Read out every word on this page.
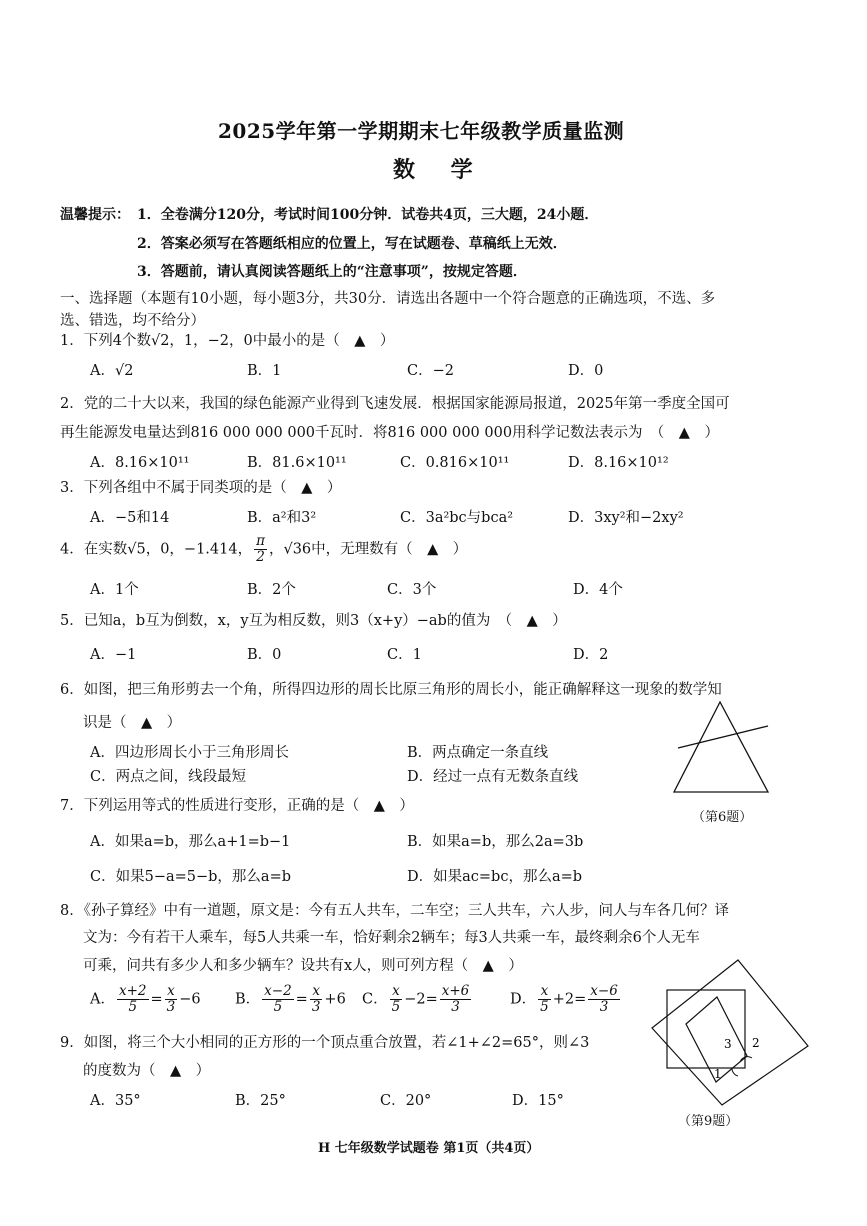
2025学年第一学期期末七年级教学质量监测
数 学
温馨提示： 1．全卷满分120分，考试时间100分钟．试卷共4页，三大题，24小题．
2．答案必须写在答题纸相应的位置上，写在试题卷、草稿纸上无效．
3．答题前，请认真阅读答题纸上的“注意事项”，按规定答题．
一、选择题（本题有10小题，每小题3分，共30分．请选出各题中一个符合题意的正确选项，不选、多
选、错选，均不给分）
1．下列4个数√2，1，−2，0中最小的是（　▲　）
A．√2	B．1	C．−2	D．0
2．党的二十大以来，我国的绿色能源产业得到飞速发展．根据国家能源局报道，2025年第一季度全国可
再生能源发电量达到816 000 000 000千瓦时．将816 000 000 000用科学记数法表示为　（　▲　）
A．8.16×10¹¹	B．81.6×10¹¹	C．0.816×10¹¹	D．8.16×10¹²
3．下列各组中不属于同类项的是（　▲　）
A．−5和14	B．a²和3²	C．3a²bc与bca²	D．3xy²和−2xy²
4．在实数√5，0，−1.414， $\frac{\pi}{2}$ ，√36中，无理数有（　▲　）
A．1个	B．2个	C．3个	D．4个
5．已知a，b互为倒数，x，y互为相反数，则3（x+y）−ab的值为　（　▲　）
A．−1	B．0	C．1	D．2
6．如图，把三角形剪去一个角，所得四边形的周长比原三角形的周长小，能正确解释这一现象的数学知
识是（　▲　）
A．四边形周长小于三角形周长	B．两点确定一条直线
C．两点之间，线段最短	D．经过一点有无数条直线
（第6题）
7．下列运用等式的性质进行变形，正确的是（　▲　）
A．如果a=b，那么a+1=b−1	B．如果a=b，那么2a=3b
C．如果5−a=5−b，那么a=b	D．如果ac=bc，那么a=b
8．《孙子算经》中有一道题，原文是：今有五人共车，二车空；三人共车，六人步，问人与车各几何？译
文为：今有若干人乘车，每5人共乘一车，恰好剩余2辆车；每3人共乘一车，最终剩余6个人无车
可乘，问共有多少人和多少辆车？设共有x人，则可列方程（　▲　）
A． $\frac{x+2}{5} = \frac{x}{3} -6$ B． $\frac{x-2}{5} = \frac{x}{3} +6$ C． $\frac{x}{5} -2= \frac{x+6}{3}$	D． $\frac{x}{5} +2= \frac{x-6}{3}$
9．如图，将三个大小相同的正方形的一个顶点重合放置，若∠1+∠2=65°，则∠3
的度数为（　▲　）
A．35°	B．25°	C．20°	D．15°
1
2
3
（第9题）
H 七年级数学试题卷 第1页（共4页）
